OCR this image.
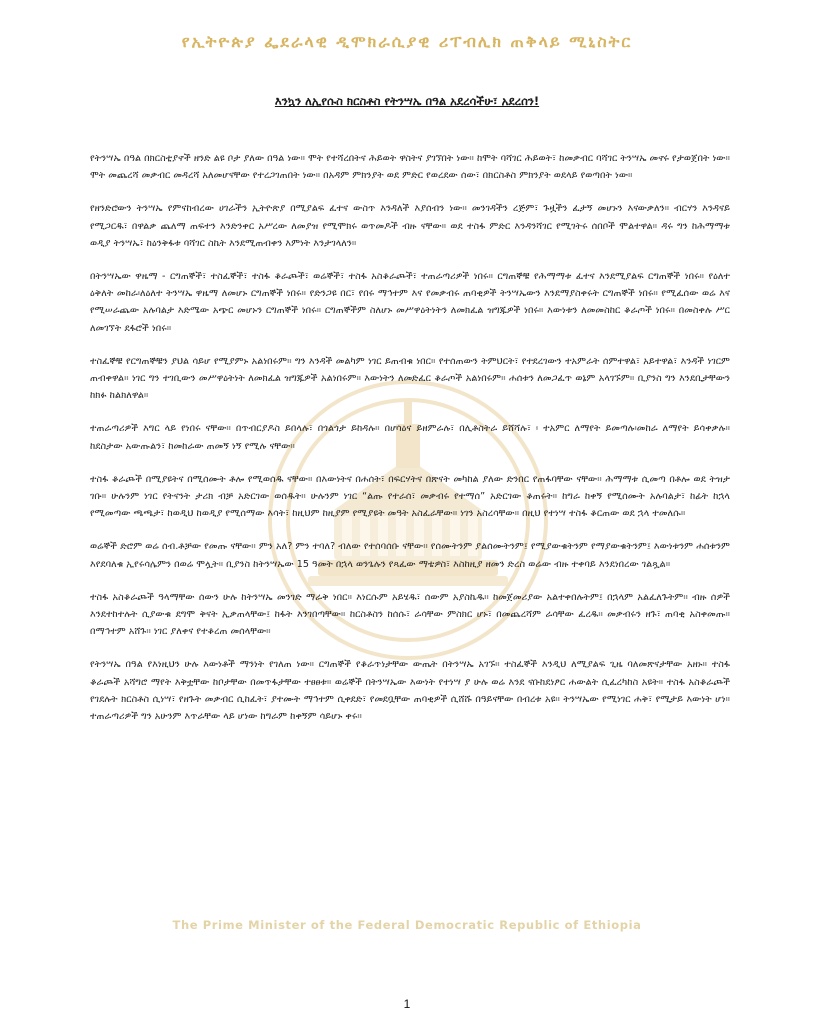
የኢትዮጵያ ፌደራላዊ ዲሞክራሲያዊ ሪፐብሊክ ጠቅላይ ሚኒስትር
እንኳን ለኢየሱስ ክርስቶስ የትንሣኤ በዓል አደረሳችሁ፣ አደረሰን!

የትንሣኤ በዓል በክርስቲያኖች ዘንድ ልዩ ቦታ ያለው በዓል ነው። ሞት የተሻረበትና ሕይወት ዋስትና ያገኘበት ነው። ከሞት ባሻገር ሕይወት፣ ከመቃብር ባሻገር ትንሣኤ መኖሩ የታወጀበት ነው። ሞት መጨረሻ መቃብር መዳረሻ አለመሆናቸው የተረጋገጠበት ነው። በአዳም ምክንያት ወደ ምድር የወረደው ሰው፣ በክርስቶስ ምክንያት ወደላይ የወጣበት ነው።

የዘንድሮውን ትንሣኤ የምናከብረው ሀገራችን ኢትዮጵያ በሚያልፍ ፈተና ውስጥ እንዳለች እያሰብን ነው። መንገዳችን ረጅም፣ ጉዟችን ፈታኝ መሆኑን እናውቃለን። ብርሃን እንዳናይ የሚጋርዱ፣ በዋልቃ ጨለማ ጠፍተን እንድንቀር አሥረው ለመያዝ የሚሞክሩ ወጥመዶች ብዙ ናቸው። ወደ ተስፋ ምድር እንዳንሻገር የሚገትሩ ሰበቦች ሞልተዋል። ዳሩ ግን ከሕማማቱ ወዲያ ትንሣኤ፣ ከዕንቅፋቱ ባሻገር ስኬት እንደሚጠብቀን እምነት እንታገላለን።

በትንሣኤው ዋዜማ - ርግጠኞች፣ ተስፈኞች፣ ተስፋ ቆራጮች፣ ወሬኞች፣ ተስፋ አስቆራጮች፣ ተጠራጣሪዎች ነበሩ። ርግጠኞቹ የሕማማቱ ፈተና እንደሚያልፍ ርግጠኞች ነበሩ። የዕለተ ዕቅለት መከራ፡ለዕለተ ትንሣኤ ዋዜማ ለመሆኑ ርግጠኞች ነበሩ። የድንጋዩ በር፣ የበሩ ማኅተም እና የመቃብሩ ጠባቂዎች ትንሣኤውን እንደማያስቀሩት ርግጠኞች ነበሩ። የሚፈሰው ወሬ እና የሚሠራጨው አሉባልታ እድሜው አጭር መሆኑን ርግጠኞች ነበሩ። ርግጠኞችም ስለሆኑ መሥዋዕትነትን ለመክፈል ዝግጁዎች ነበሩ። እውነቱን ለመመስከር ቆራጦች ነበሩ። በመስቀሉ ሥር ለመገኘት ደፋሮች ነበሩ።

ተስፈኞቹ የርግጠኞቹን ያህል ሳይሆ የሚያምኑ አልነበሩም። ግን እንዳች መልካም ነገር ይጠብቁ ነበር። የተሰጠውን ትምህርት፣ የተደረገውን ተአምራት ሰምተዋል፣ አይተዋል፣ እንዳች ነገርም ጠብቀዋል። ነገር ግን ተገቢውን መሥዋዕትነት ለመክፈል ዝግጁዎች አልነበሩም። እውነትን ለመድፈር ቆራጦች አልነበሩም። ሐሰቱን ለመጋፈጥ ወኔም አላገኙም። ቢያንስ ግን እንደቢታቸውን ከክፉ ከልክለዋል።

ተጠራጣሪዎች እግር ላይ የነበሩ ናቸው። በጥብርያዶስ ይበላሉ፣ በጎልጎታ ይከዳሉ። በሆሳዕና ይዘምራሉ፣ በሊቶስትራ ይሸሻሉ፣ ፡ ተአምር ለማየት ይመጣሉ፡መከራ ለማየት ይሳቀቃሉ። ከደስታው አውጡልን፣ ከመከራው ጠመኝ ነኝ የሚሉ ናቸው።

ተስፋ ቆራጮች በሚያዩትና በሚሰሙት ቶሎ የሚወሰዱ ናቸው። በእውነትና በሐሰት፣ በፍርሃትና በጽናት መካከል ያለው ድንበር የጠፋባቸው ናቸው። ሕማማቱ ሲመጣ በቶሎ ወደ ትዝታ ገቡ። ሁሉንም ነገር የትናንት ታሪክ ብቻ አድርገው ወሰዱት። ሁሉንም ነገር “ልጡ የተራሰ፣ መቃብሩ የተማሰ” አድርገው ቆጠሩት። ከግራ ከቀኝ የሚሰሙት አሉባልታ፣ ከፊት ከኋላ የሚመጣው ጫጫታ፣ ከወዲህ ከወዲያ የሚሰማው እሳት፣ ከዚህም ከዚያም የሚያዩት መዓት አስፈራቸው። ነገን አስረሳቸው። በዚህ የተነሣ ተስፋ ቆርጠው ወደ ኋላ ተመለሱ።

ወሬኞች ድሮም ወሬ ሰብ.ቶቻው የመጡ ናቸው። ምን አለ? ምን ተባለ? ብለው የተሰባሰቡ ናቸው። የሰሙትንም ያልሰሙትንም፤ የሚያውቁትንም የማያውቁትንም፤ እውነቱንም ሐሰቱንም እየደባለቁ ኢየሩሳሌምን በወሬ ሞሏት። ቢያንስ ከትንሣኤው 15 ዓመት በኋላ ወንጌሉን የጻፈው ማቴዎስ፣ እስከዚያ ዘመን ድረስ ወሬው ብዙ ተቀባይ እንደነበረው ገልጿል።

ተስፋ አስቆራጮች ዓላማቸው ሰውን ሁሉ ከትንሣኤ መንገድ ማራቅ ነበር። እነርሱም አይሄዱ፣ ሰውም አያስኬዱ። ከመጀመሪያው አልተቀበሉትም፤ በኋላም አልፈለጉትም። ብዙ ሰዎች እንደተከተሉት ሲያውቁ ደግሞ ቅናት ኢቃጠላቸው፤ ከፋት እንገበጣቸው። ከርስቶስን ከሰሱ፣ ራሳቸው ምስክር ሆኑ፣ በመጨረሻም ራሳቸው ፈረዱ። መቃብሩን ዘጉ፣ ጠባቂ አስቀመጡ። በማኅተም አሸጉ። ነገር ያለቀና የተቆረጠ መሰላቸው።

የትንሣኤ በዓል የእነዚህን ሁሉ እውነቶች ማንነት የገለጠ ነው። ርግጠኞች የቆራጥነታቸው ውጤት በትንሣኤ አገኙ። ተስፈኞች እንዲህ ለሚያልፍ ጊዜ ባለመጽናታቸው አዘኑ። ተስፋ ቆራጮች አሻግሮ ማየት እቅቷቸው ከቦታቸው በመጥፋታቸው ተፀፀቱ። ወሬኞች በትንሣኤው እውነት የተነሣ ያ ሁሉ ወሬ እንደ ናቡከደነፆር ሐውልት ሲፈረካከስ አዩት። ተስፋ አስቆራጮች የገደሉት ክርስቶስ ሲነሣ፣ የዘጉት መቃብር ሲከፈት፣ ያተሙት ማኅተም ሲቀደድ፣ የመደቧቸው ጠባቂዎች ሲሸሹ በዓይናቸው በብረቱ አዩ። ትንሣኤው የሚነገር ሐቅ፣ የሚታይ እውነት ሆነ። ተጠራጣሪዎች ግን አሁንም እጥራቸው ላይ ሆነው ከግራም ከቀኝም ሳይሆኑ ቀሩ።

The Prime Minister of the Federal Democratic Republic of Ethiopia
1
